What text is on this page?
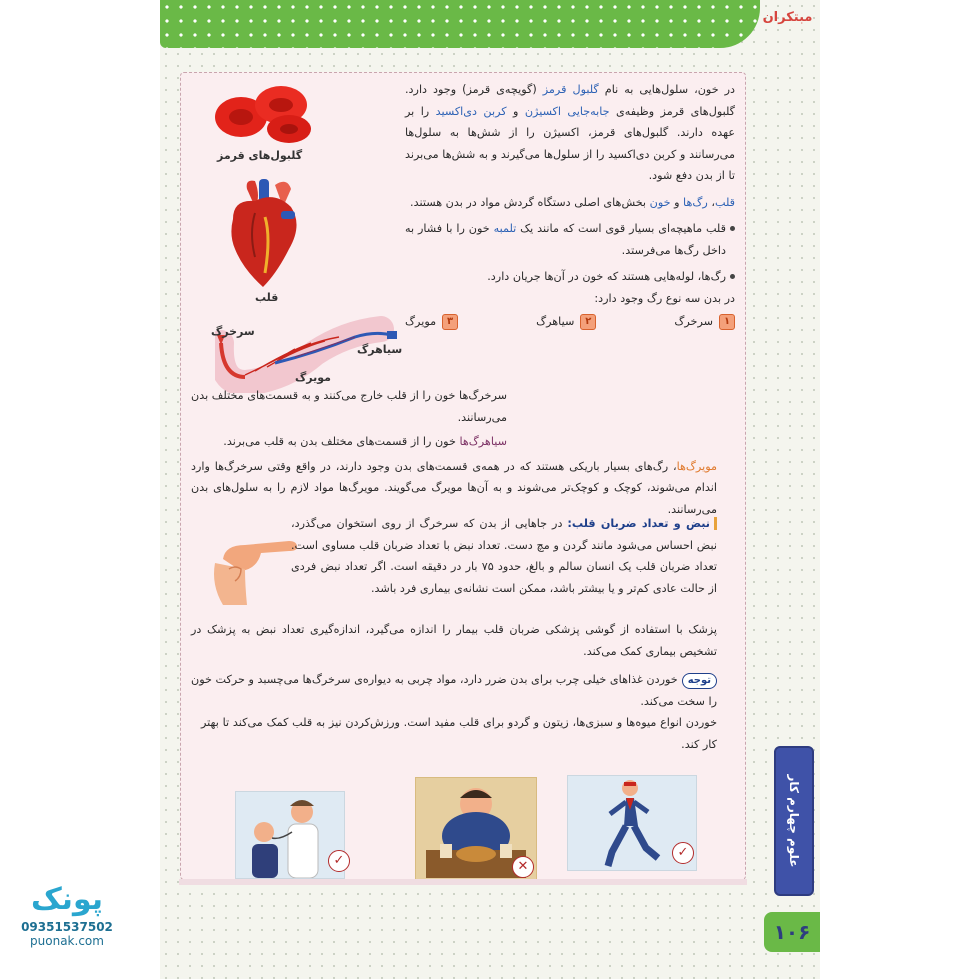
مبتکران
گلبول‌های قرمز
قلب
سرخرگ
سیاهرگ
مویرگ

در خون، سلول‌هایی به نام گلبول قرمز (گویچه‌ی قرمز) وجود دارد. گلبول‌های قرمز وظیفه‌ی جابه‌جایی اکسیژن و کربن دی‌اکسید را بر عهده دارند. گلبول‌های قرمز، اکسیژن را از شش‌ها به سلول‌ها می‌رسانند و کربن دی‌اکسید را از سلول‌ها می‌گیرند و به شش‌ها می‌برند تا از بدن دفع شود.

قلب، رگ‌ها و خون بخش‌های اصلی دستگاه گردش مواد در بدن هستند.

قلب ماهیچه‌ای بسیار قوی است که مانند یک تلمبه خون را با فشار به داخل رگ‌ها می‌فرستد.

رگ‌ها، لوله‌هایی هستند که خون در آن‌ها جریان دارد.

در بدن سه نوع رگ وجود دارد:

۱
سرخرگ
۲
سیاهرگ
۳
مویرگ

سرخرگ‌ها خون را از قلب خارج می‌کنند و به قسمت‌های مختلف بدن می‌رسانند.

سیاهرگ‌ها خون را از قسمت‌های مختلف بدن به قلب می‌برند.

مویرگ‌ها، رگ‌های بسیار باریکی هستند که در همه‌ی قسمت‌های بدن وجود دارند، در واقع وقتی سرخرگ‌ها وارد اندام می‌شوند، کوچک و کوچک‌تر می‌شوند و به آن‌ها مویرگ می‌گویند. مویرگ‌ها مواد لازم را به سلول‌های بدن می‌رسانند.

نبض و تعداد ضربان قلب: در جاهایی از بدن که سرخرگ از روی استخوان می‌گذرد، نبض احساس می‌شود مانند گردن و مچ دست. تعداد نبض با تعداد ضربان قلب مساوی است. تعداد ضربان قلب یک انسان سالم و بالغ، حدود ۷۵ بار در دقیقه است. اگر تعداد نبض فردی از حالت عادی کم‌تر و یا بیشتر باشد، ممکن است نشانه‌ی بیماری فرد باشد.

پزشک با استفاده از گوشی پزشکی ضربان قلب بیمار را اندازه می‌گیرد، اندازه‌گیری تعداد نبض به پزشک در تشخیص بیماری کمک می‌کند.

توجهخوردن غذاهای خیلی چرب برای بدن ضرر دارد، مواد چربی به دیواره‌ی سرخرگ‌ها می‌چسبد و حرکت خون را سخت می‌کند.

خوردن انواع میوه‌ها و سبزی‌ها، زیتون و گردو برای قلب مفید است. ورزش‌کردن نیز به قلب کمک می‌کند تا بهتر کار کند.

✓	✕
✓	علوم چهارم کار
۱۰۶
پونک
09351537502
puonak.com
